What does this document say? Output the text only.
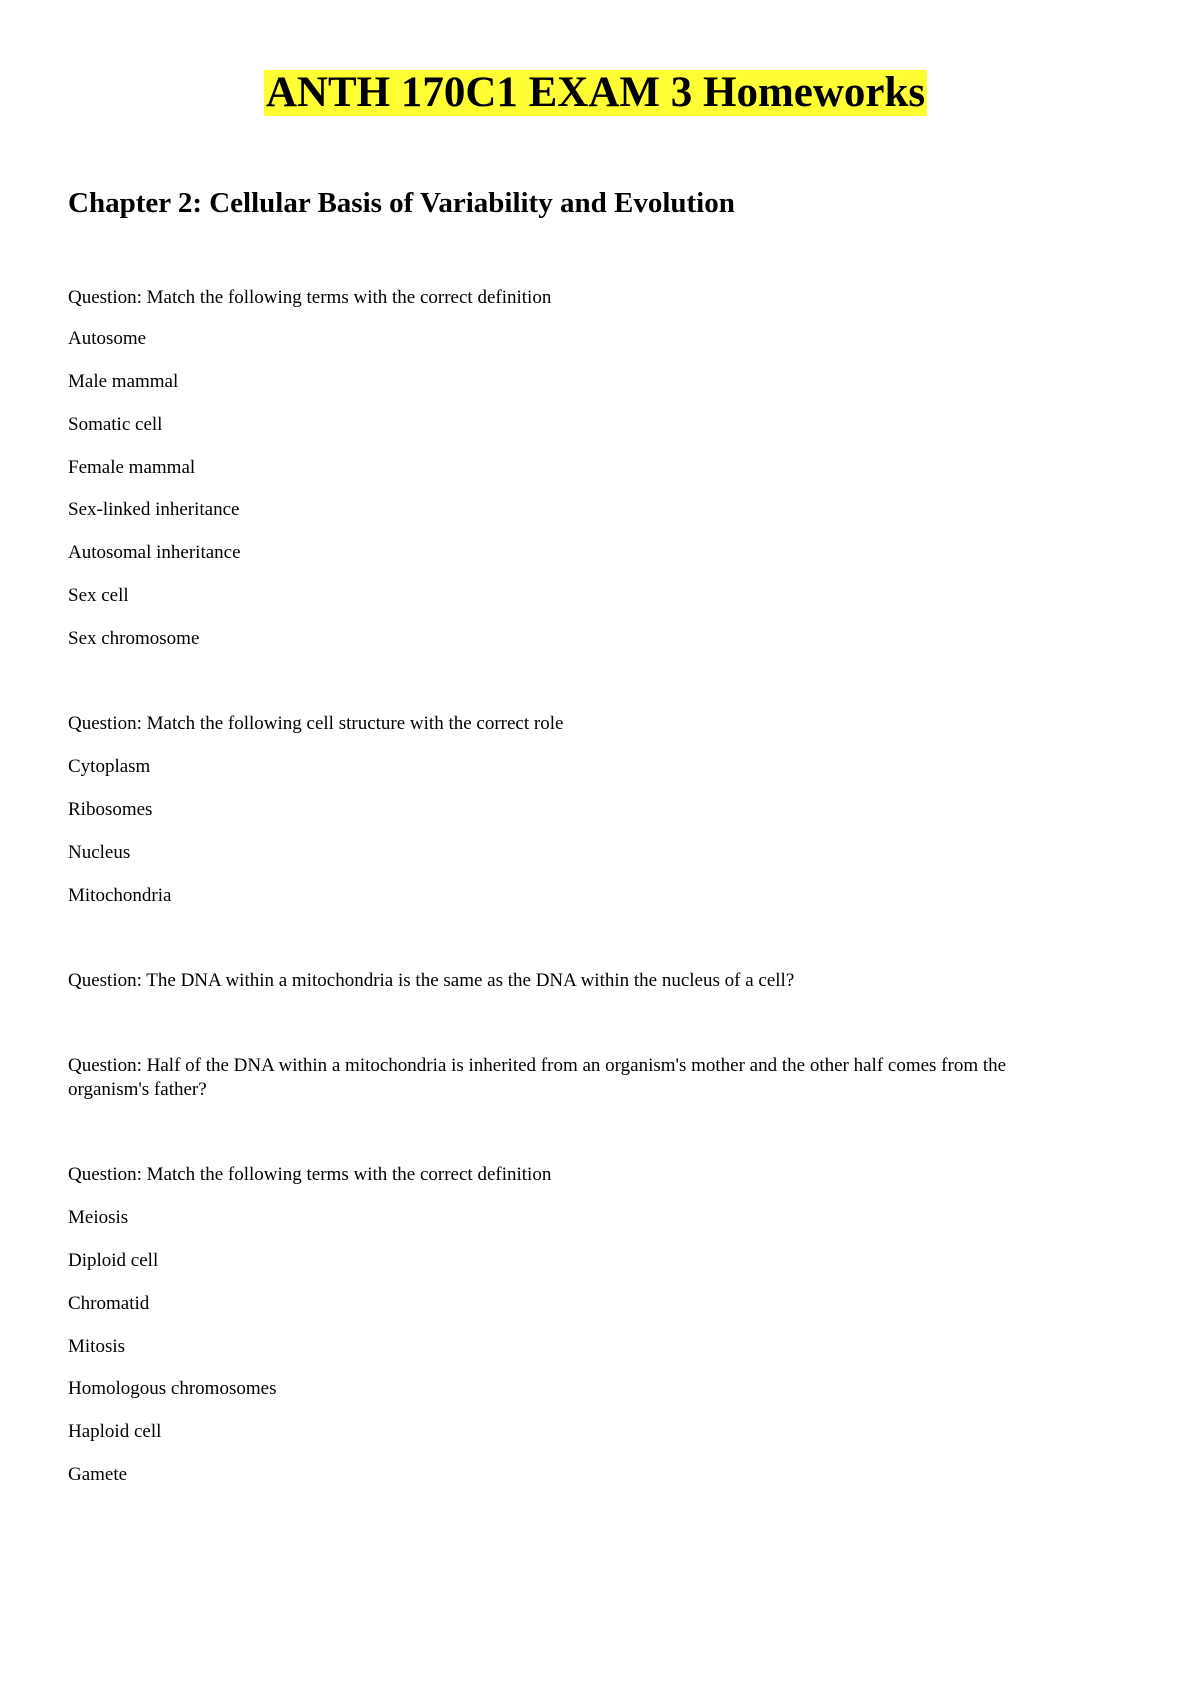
ANTH 170C1 EXAM 3 Homeworks
Chapter 2: Cellular Basis of Variability and Evolution

Question: Match the following terms with the correct definition

Autosome

Male mammal

Somatic cell

Female mammal

Sex-linked inheritance

Autosomal inheritance

Sex cell

Sex chromosome

Question: Match the following cell structure with the correct role

Cytoplasm

Ribosomes

Nucleus

Mitochondria

Question: The DNA within a mitochondria is the same as the DNA within the nucleus of a cell?

Question: Half of the DNA within a mitochondria is inherited from an organism's mother and the other half comes from the organism's father?

Question: Match the following terms with the correct definition

Meiosis

Diploid cell

Chromatid

Mitosis

Homologous chromosomes

Haploid cell

Gamete
